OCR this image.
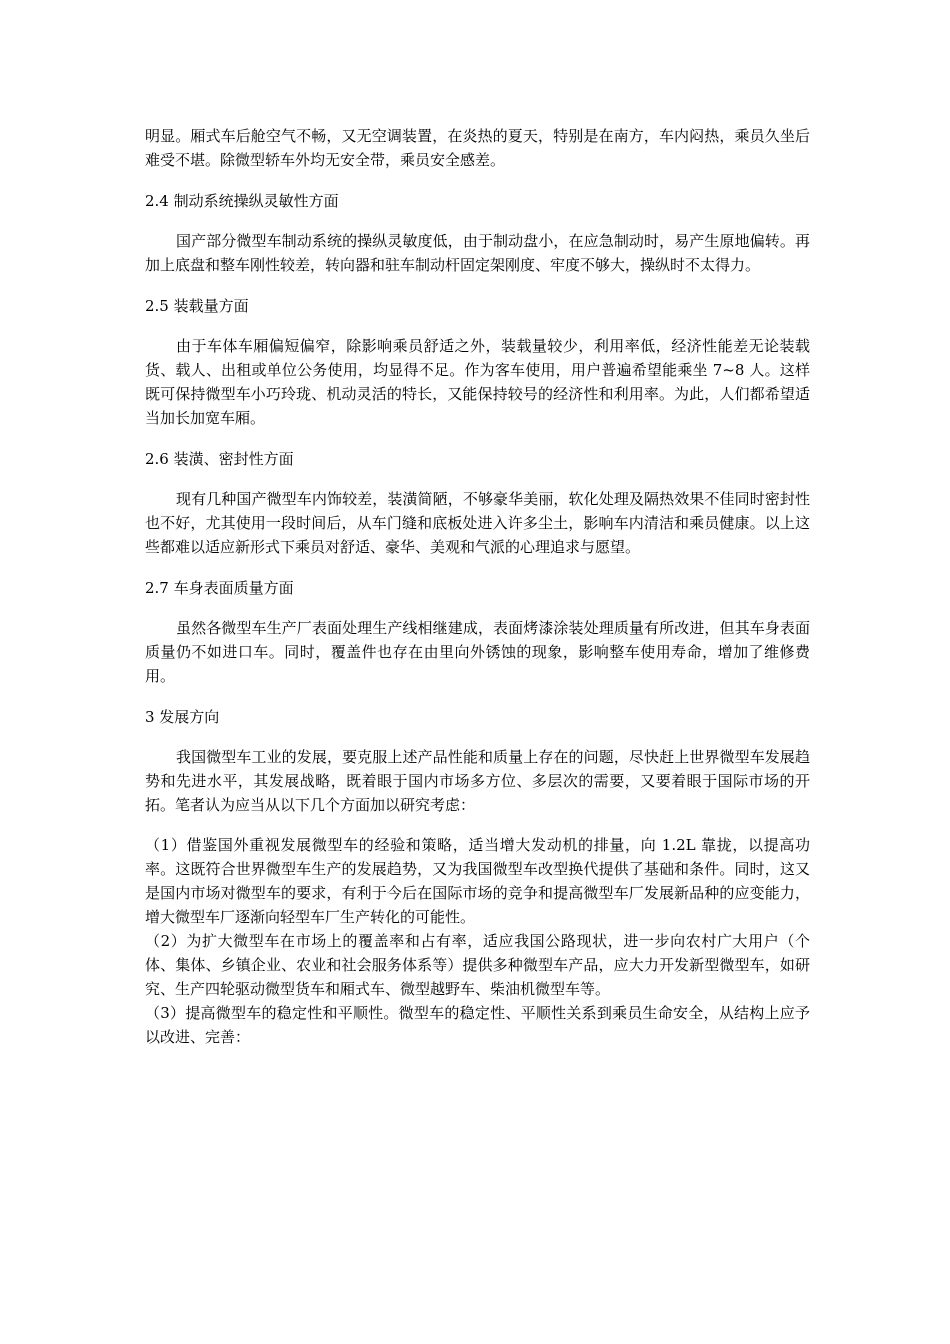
明显。厢式车后舱空气不畅，又无空调装置，在炎热的夏天，特别是在南方，车内闷热，乘员久坐后难受不堪。除微型轿车外均无安全带，乘员安全感差。

2.4 制动系统操纵灵敏性方面

国产部分微型车制动系统的操纵灵敏度低，由于制动盘小，在应急制动时，易产生原地偏转。再加上底盘和整车刚性较差，转向器和驻车制动杆固定架刚度、牢度不够大，操纵时不太得力。

2.5 装载量方面

由于车体车厢偏短偏窄，除影响乘员舒适之外，装载量较少，利用率低，经济性能差无论装载货、载人、出租或单位公务使用，均显得不足。作为客车使用，用户普遍希望能乘坐 7~8 人。这样既可保持微型车小巧玲珑、机动灵活的特长，又能保持较号的经济性和利用率。为此，人们都希望适当加长加宽车厢。

2.6 装潢、密封性方面

现有几种国产微型车内饰较差，装潢简陋，不够豪华美丽，软化处理及隔热效果不佳同时密封性也不好，尤其使用一段时间后，从车门缝和底板处进入许多尘土，影响车内清洁和乘员健康。以上这些都难以适应新形式下乘员对舒适、豪华、美观和气派的心理追求与愿望。

2.7 车身表面质量方面

虽然各微型车生产厂表面处理生产线相继建成，表面烤漆涂装处理质量有所改进，但其车身表面质量仍不如进口车。同时，覆盖件也存在由里向外锈蚀的现象，影响整车使用寿命，增加了维修费用。

3 发展方向

我国微型车工业的发展，要克服上述产品性能和质量上存在的问题，尽快赶上世界微型车发展趋势和先进水平，其发展战略，既着眼于国内市场多方位、多层次的需要，又要着眼于国际市场的开拓。笔者认为应当从以下几个方面加以研究考虑：

（1）借鉴国外重视发展微型车的经验和策略，适当增大发动机的排量，向 1.2L 靠拢，以提高功率。这既符合世界微型车生产的发展趋势，又为我国微型车改型换代提供了基础和条件。同时，这又是国内市场对微型车的要求，有利于今后在国际市场的竞争和提高微型车厂发展新品种的应变能力，增大微型车厂逐渐向轻型车厂生产转化的可能性。

（2）为扩大微型车在市场上的覆盖率和占有率，适应我国公路现状，进一步向农村广大用户（个体、集体、乡镇企业、农业和社会服务体系等）提供多种微型车产品，应大力开发新型微型车，如研究、生产四轮驱动微型货车和厢式车、微型越野车、柴油机微型车等。

（3）提高微型车的稳定性和平顺性。微型车的稳定性、平顺性关系到乘员生命安全，从结构上应予以改进、完善：
